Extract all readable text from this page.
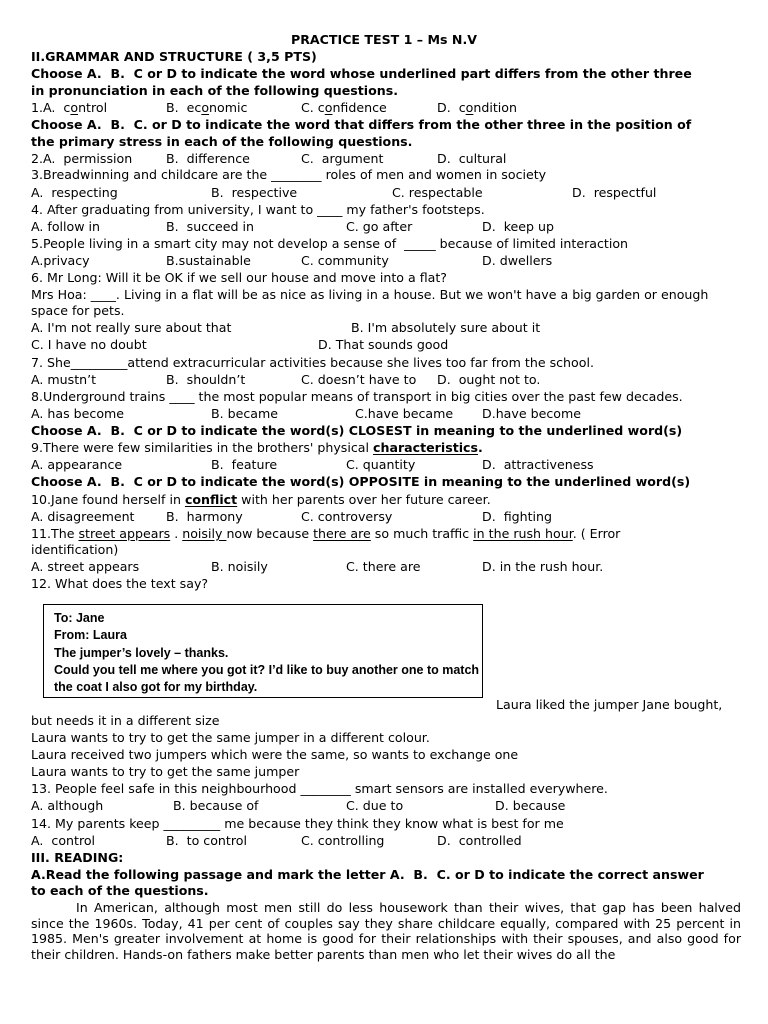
PRACTICE TEST 1 – Ms N.V
II.GRAMMAR AND STRUCTURE ( 3,5 PTS)
Choose A.  B.  C or D to indicate the word whose underlined part differs from the other three
in pronunciation in each of the following questions.
1.A.  control	B.  economic	C. confidence	D.  condition
Choose A.  B.  C. or D to indicate the word that differs from the other three in the position of
the primary stress in each of the following questions.
2.A.  permission	B.  difference	C.  argument	D.  cultural
3.Breadwinning and childcare are the ________ roles of men and women in society
A.  respecting	B.  respective	C. respectable	D.  respectful
4. After graduating from university, I want to ____ my father's footsteps.
A. follow in	B.  succeed in	C. go after	D.  keep up
5.People living in a smart city may not develop a sense of  _____ because of limited interaction
A.privacy	B.sustainable	C. community	D. dwellers
6. Mr Long: Will it be OK if we sell our house and move into a flat?
Mrs Hoa: ____. Living in a flat will be as nice as living in a house. But we won't have a big garden or enough
space for pets.
A. I'm not really sure about that	B. I'm absolutely sure about it
C. I have no doubt	D. That sounds good
7. She_________attend extracurricular activities because she lives too far from the school.
A. mustn’t	B.  shouldn’t	C. doesn’t have to D.  ought not to.
8.Underground trains ____ the most popular means of transport in big cities over the past few decades.
A. has become	B. became	C.have became D.have become
Choose A.  B.  C or D to indicate the word(s) CLOSEST in meaning to the underlined word(s)
9.There were few similarities in the brothers' physical characteristics.
A. appearance	B.  feature	C. quantity	D.  attractiveness
Choose A.  B.  C or D to indicate the word(s) OPPOSITE in meaning to the underlined word(s)
10.Jane found herself in conflict with her parents over her future career.
A. disagreement	B.  harmony	C. controversy	D.  fighting
11.The street appears . noisily now because there are so much traffic in the rush hour. ( Error
identification)
A. street appears	B. noisily	C. there are	D. in the rush hour.
12. What does the text say?
To: Jane
From: Laura
The jumper’s lovely – thanks.
Could you tell me where you got it? I’d like to buy another one to match
the coat I also got for my birthday.
Laura liked the jumper Jane bought,
but needs it in a different size
Laura wants to try to get the same jumper in a different colour.
Laura received two jumpers which were the same, so wants to exchange one
Laura wants to try to get the same jumper
13. People feel safe in this neighbourhood ________ smart sensors are installed everywhere.
A. although	B. because of	C. due to	D. because
14. My parents keep _________ me because they think they know what is best for me
A.  control	B.  to control	C. controlling	D.  controlled
III. READING:
A.Read the following passage and mark the letter A.  B.  C. or D to indicate the correct answer
to each of the questions.
In American, although most men still do less housework than their wives, that gap has been halved since the 1960s. Today, 41 per cent of couples say they share childcare equally, compared with 25 percent in 1985. Men's greater involvement at home is good for their relationships with their spouses, and also good for their children. Hands-on fathers make better parents than men who let their wives do all the
